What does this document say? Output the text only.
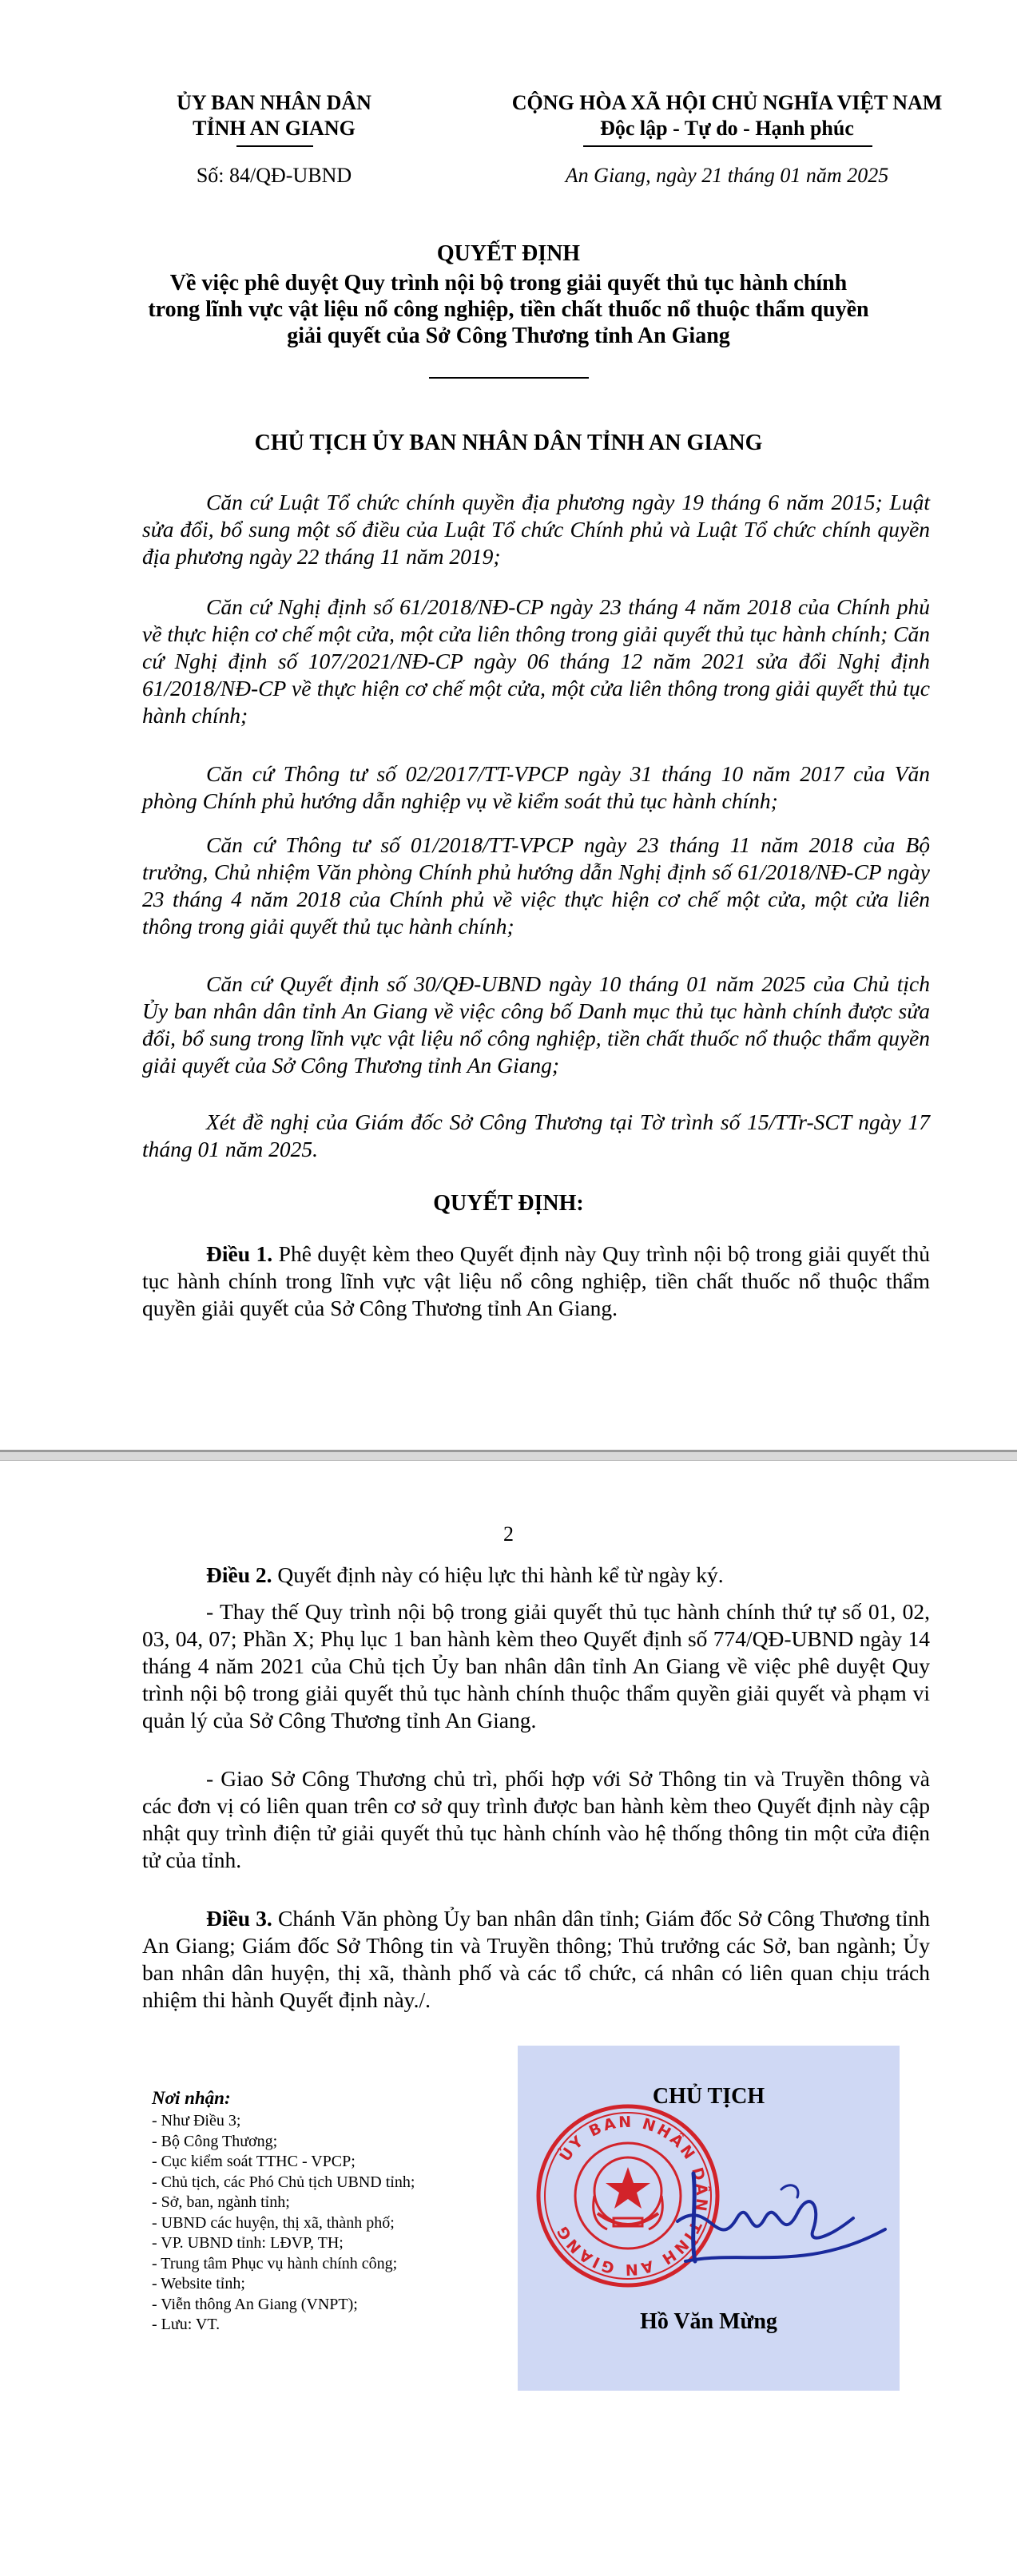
ỦY BAN NHÂN DÂN
TỈNH AN GIANG
Số: 84/QĐ-UBND
CỘNG HÒA XÃ HỘI CHỦ NGHĨA VIỆT NAM
Độc lập - Tự do - Hạnh phúc
An Giang, ngày 21 tháng 01 năm 2025
QUYẾT ĐỊNH
Về việc phê duyệt Quy trình nội bộ trong giải quyết thủ tục hành chính
trong lĩnh vực vật liệu nổ công nghiệp, tiền chất thuốc nổ thuộc thẩm quyền
giải quyết của Sở Công Thương tỉnh An Giang
CHỦ TỊCH ỦY BAN NHÂN DÂN TỈNH AN GIANG
Căn cứ Luật Tổ chức chính quyền địa phương ngày 19 tháng 6 năm 2015; Luật sửa đổi, bổ sung một số điều của Luật Tổ chức Chính phủ và Luật Tổ chức chính quyền địa phương ngày 22 tháng 11 năm 2019;
Căn cứ Nghị định số 61/2018/NĐ-CP ngày 23 tháng 4 năm 2018 của Chính phủ về thực hiện cơ chế một cửa, một cửa liên thông trong giải quyết thủ tục hành chính; Căn cứ Nghị định số 107/2021/NĐ-CP ngày 06 tháng 12 năm 2021 sửa đổi Nghị định 61/2018/NĐ-CP về thực hiện cơ chế một cửa, một cửa liên thông trong giải quyết thủ tục hành chính;
Căn cứ Thông tư số 02/2017/TT-VPCP ngày 31 tháng 10 năm 2017 của Văn phòng Chính phủ hướng dẫn nghiệp vụ về kiểm soát thủ tục hành chính;
Căn cứ Thông tư số 01/2018/TT-VPCP ngày 23 tháng 11 năm 2018 của Bộ trưởng, Chủ nhiệm Văn phòng Chính phủ hướng dẫn Nghị định số 61/2018/NĐ-CP ngày 23 tháng 4 năm 2018 của Chính phủ về việc thực hiện cơ chế một cửa, một cửa liên thông trong giải quyết thủ tục hành chính;
Căn cứ Quyết định số 30/QĐ-UBND ngày 10 tháng 01 năm 2025 của Chủ tịch Ủy ban nhân dân tỉnh An Giang về việc công bố Danh mục thủ tục hành chính được sửa đổi, bổ sung trong lĩnh vực vật liệu nổ công nghiệp, tiền chất thuốc nổ thuộc thẩm quyền giải quyết của Sở Công Thương tỉnh An Giang;
Xét đề nghị của Giám đốc Sở Công Thương tại Tờ trình số 15/TTr-SCT ngày 17 tháng 01 năm 2025.
QUYẾT ĐỊNH:
Điều 1. Phê duyệt kèm theo Quyết định này Quy trình nội bộ trong giải quyết thủ tục hành chính trong lĩnh vực vật liệu nổ công nghiệp, tiền chất thuốc nổ thuộc thẩm quyền giải quyết của Sở Công Thương tỉnh An Giang.
2
Điều 2. Quyết định này có hiệu lực thi hành kể từ ngày ký.
- Thay thế Quy trình nội bộ trong giải quyết thủ tục hành chính thứ tự số 01, 02, 03, 04, 07; Phần X; Phụ lục 1 ban hành kèm theo Quyết định số 774/QĐ-UBND ngày 14 tháng 4 năm 2021 của Chủ tịch Ủy ban nhân dân tỉnh An Giang về việc phê duyệt Quy trình nội bộ trong giải quyết thủ tục hành chính thuộc thẩm quyền giải quyết và phạm vi quản lý của Sở Công Thương tỉnh An Giang.
- Giao Sở Công Thương chủ trì, phối hợp với Sở Thông tin và Truyền thông và các đơn vị có liên quan trên cơ sở quy trình được ban hành kèm theo Quyết định này cập nhật quy trình điện tử giải quyết thủ tục hành chính vào hệ thống thông tin một cửa điện tử của tỉnh.
Điều 3. Chánh Văn phòng Ủy ban nhân dân tỉnh; Giám đốc Sở Công Thương tỉnh An Giang; Giám đốc Sở Thông tin và Truyền thông; Thủ trưởng các Sở, ban ngành; Ủy ban nhân dân huyện, thị xã, thành phố và các tổ chức, cá nhân có liên quan chịu trách nhiệm thi hành Quyết định này./.
Nơi nhận:
- Như Điều 3;
- Bộ Công Thương;
- Cục kiểm soát TTHC - VPCP;
- Chủ tịch, các Phó Chủ tịch UBND tỉnh;
- Sở, ban, ngành tỉnh;
- UBND các huyện, thị xã, thành phố;
- VP. UBND tỉnh: LĐVP, TH;
- Trung tâm Phục vụ hành chính công;
- Website tỉnh;
- Viễn thông An Giang (VNPT);
- Lưu: VT.
CHỦ TỊCH
ỦY BAN NHÂN DÂN TỈNH AN GIANG
Hồ Văn Mừng
